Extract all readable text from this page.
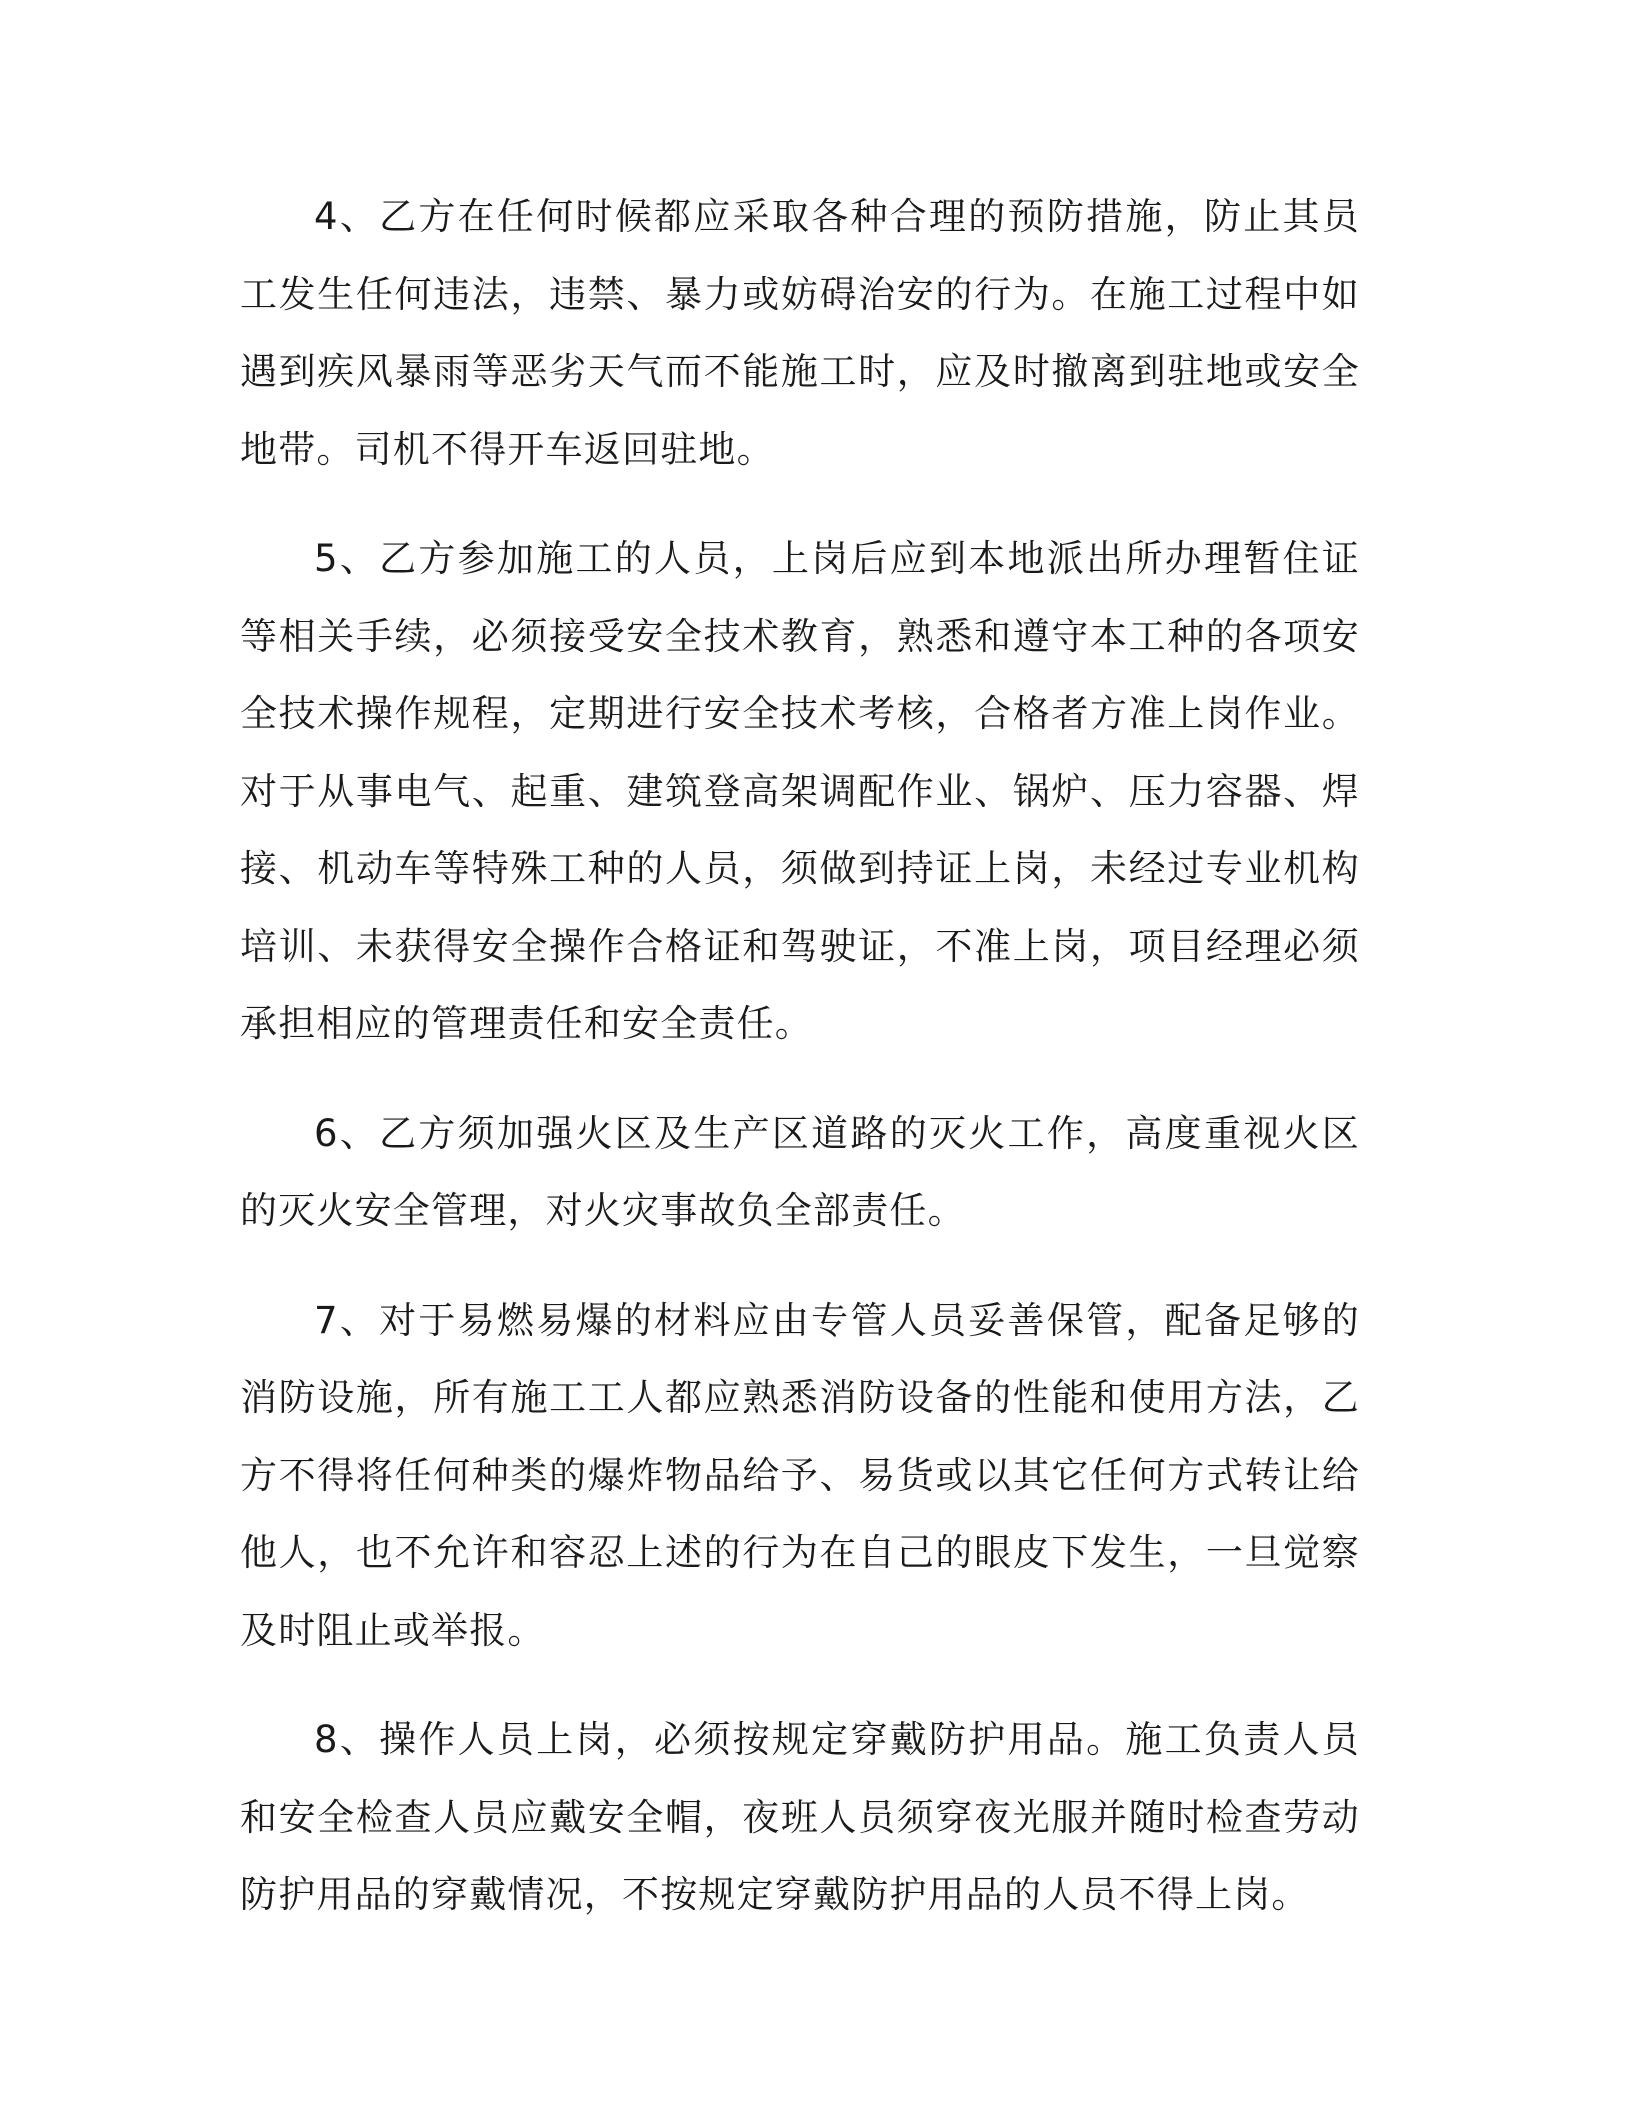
4、乙方在任何时候都应采取各种合理的预防措施，防止其员工发生任何违法，违禁、暴力或妨碍治安的行为。在施工过程中如遇到疾风暴雨等恶劣天气而不能施工时，应及时撤离到驻地或安全地带。司机不得开车返回驻地。

5、乙方参加施工的人员，上岗后应到本地派出所办理暂住证等相关手续，必须接受安全技术教育，熟悉和遵守本工种的各项安全技术操作规程，定期进行安全技术考核，合格者方准上岗作业。对于从事电气、起重、建筑登高架调配作业、锅炉、压力容器、焊接、机动车等特殊工种的人员，须做到持证上岗，未经过专业机构培训、未获得安全操作合格证和驾驶证，不准上岗，项目经理必须承担相应的管理责任和安全责任。

6、乙方须加强火区及生产区道路的灭火工作，高度重视火区的灭火安全管理，对火灾事故负全部责任。

7、对于易燃易爆的材料应由专管人员妥善保管，配备足够的消防设施，所有施工工人都应熟悉消防设备的性能和使用方法，乙方不得将任何种类的爆炸物品给予、易货或以其它任何方式转让给他人，也不允许和容忍上述的行为在自己的眼皮下发生，一旦觉察及时阻止或举报。

8、操作人员上岗，必须按规定穿戴防护用品。施工负责人员和安全检查人员应戴安全帽，夜班人员须穿夜光服并随时检查劳动防护用品的穿戴情况，不按规定穿戴防护用品的人员不得上岗。
